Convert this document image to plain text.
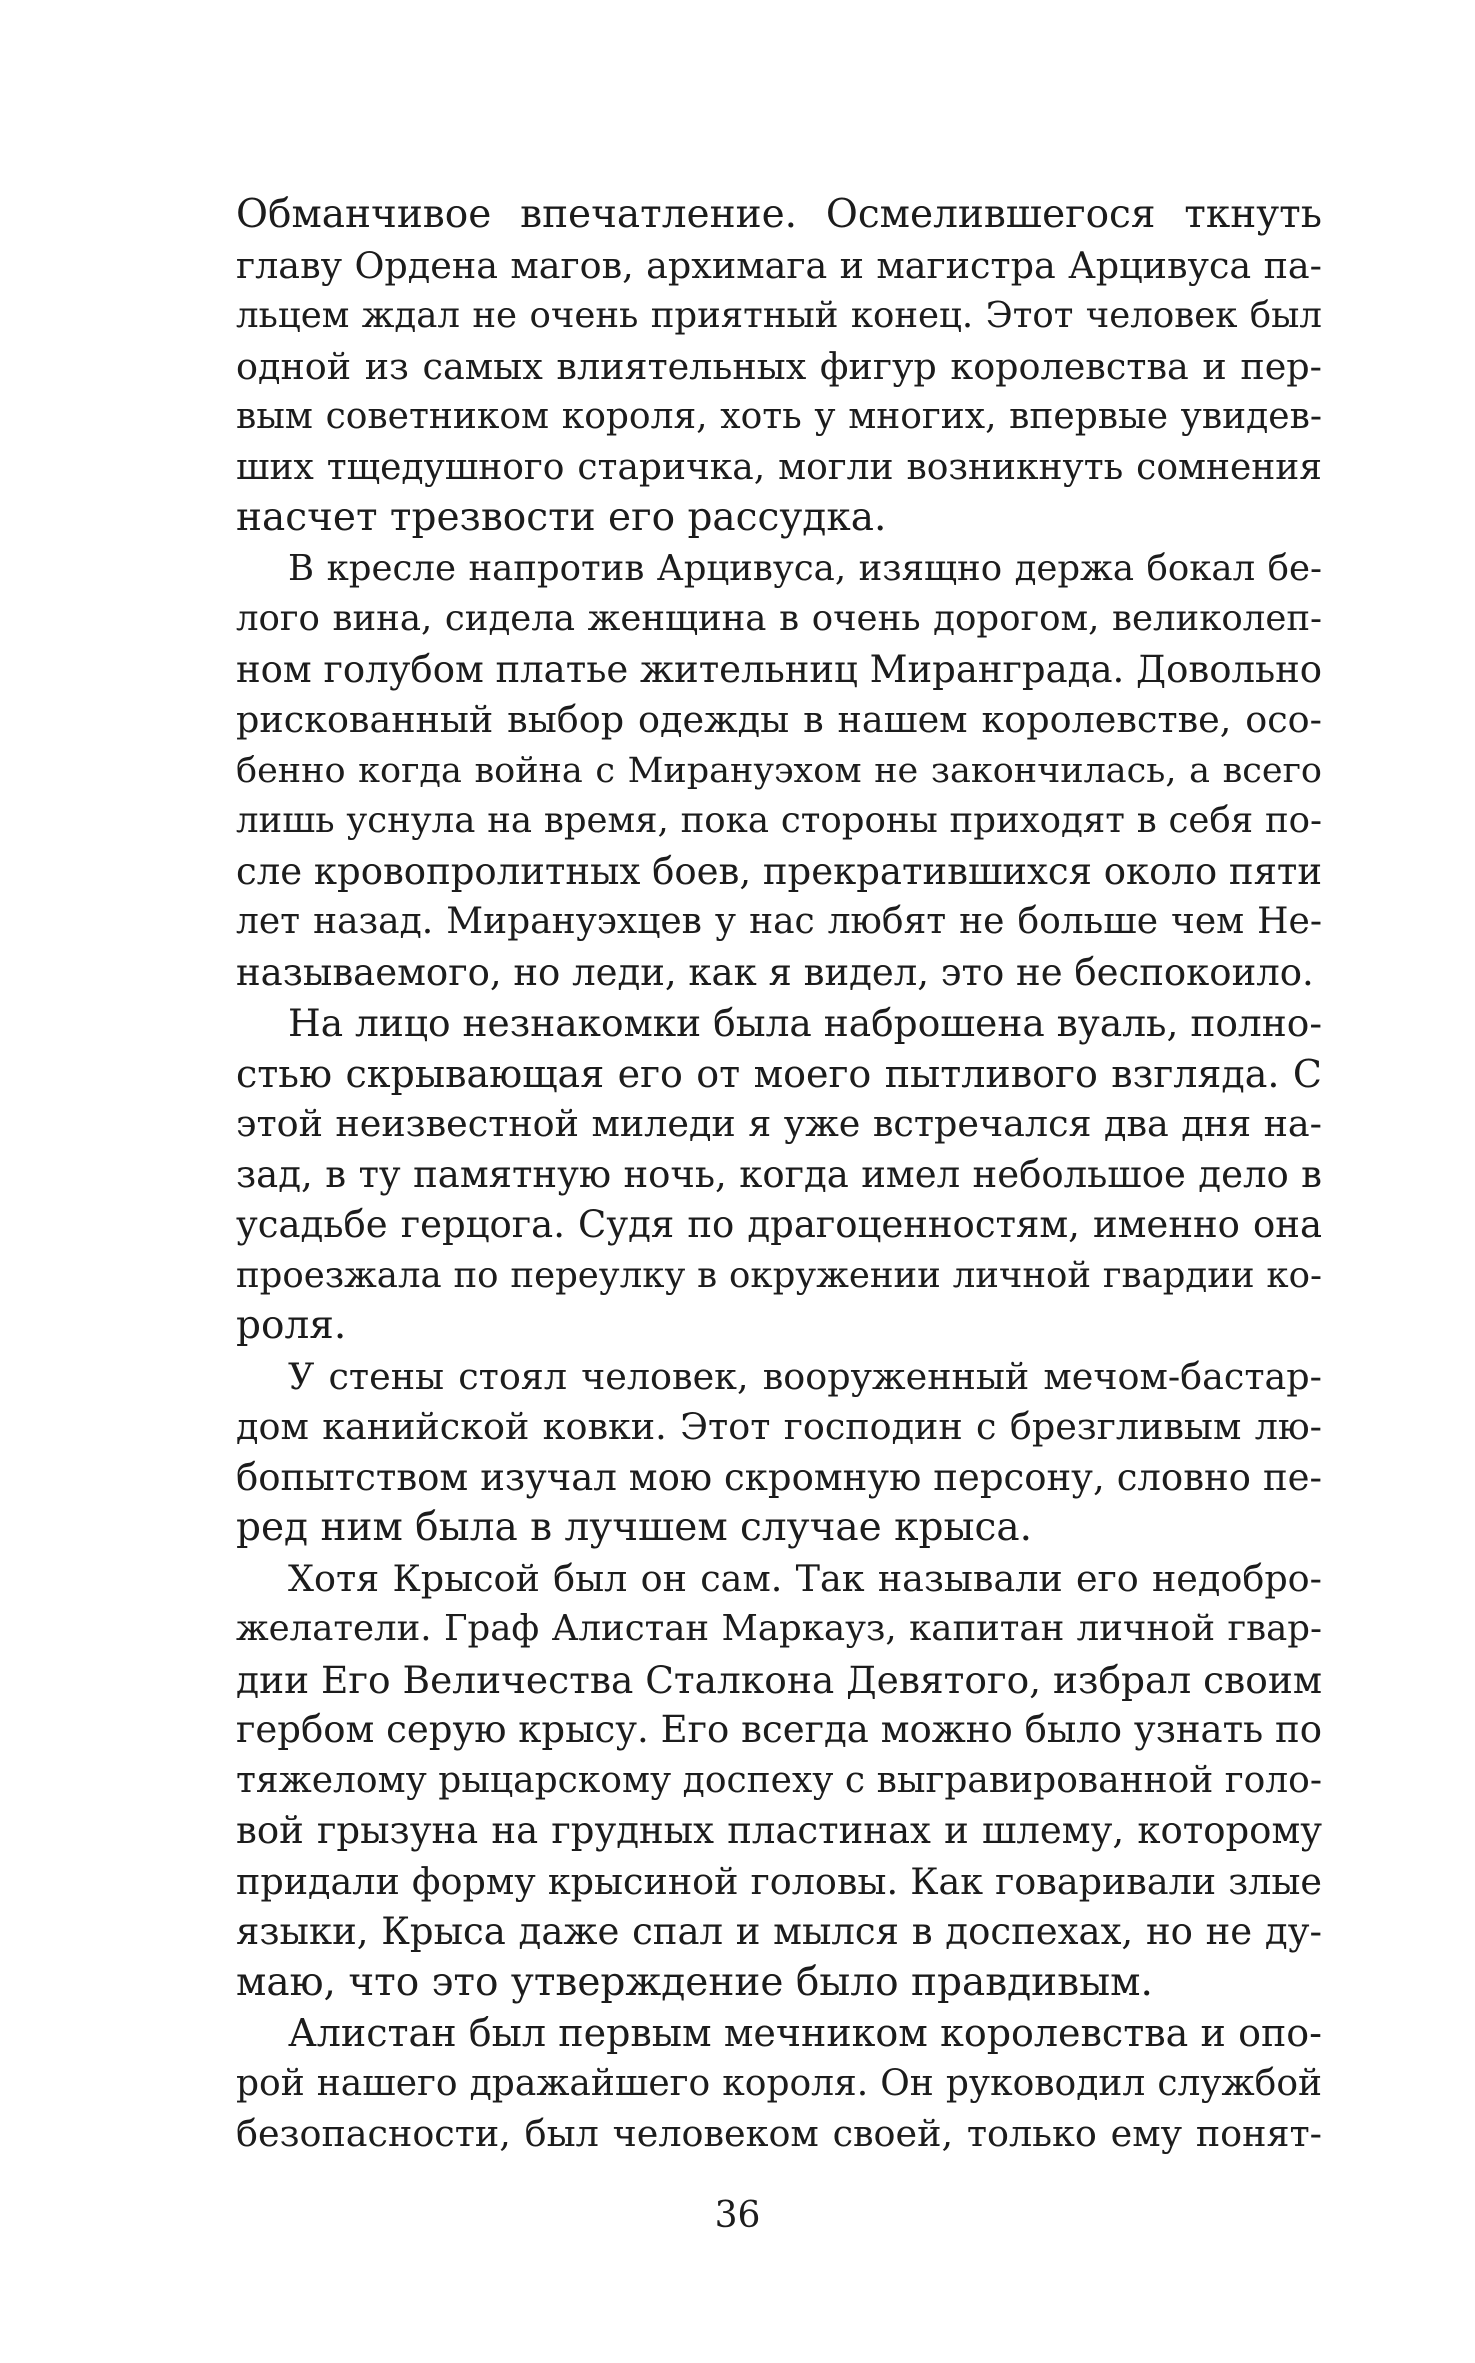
Обманчивое впечатление. Осмелившегося ткнуть
главу Ордена магов, архимага и магистра Арцивуса па-
льцем ждал не очень приятный конец. Этот человек был
одной из самых влиятельных фигур королевства и пер-
вым советником короля, хоть у многих, впервые увидев-
ших тщедушного старичка, могли возникнуть сомнения
насчет трезвости его рассудка.
В кресле напротив Арцивуса, изящно держа бокал бе-
лого вина, сидела женщина в очень дорогом, великолеп-
ном голубом платье жительниц Миранграда. Довольно
рискованный выбор одежды в нашем королевстве, осо-
бенно когда война с Мирануэхом не закончилась, а всего
лишь уснула на время, пока стороны приходят в себя по-
сле кровопролитных боев, прекратившихся около пяти
лет назад. Мирануэхцев у нас любят не больше чем Не-
называемого, но леди, как я видел, это не беспокоило.
На лицо незнакомки была наброшена вуаль, полно-
стью скрывающая его от моего пытливого взгляда. С
этой неизвестной миледи я уже встречался два дня на-
зад, в ту памятную ночь, когда имел небольшое дело в
усадьбе герцога. Судя по драгоценностям, именно она
проезжала по переулку в окружении личной гвардии ко-
роля.
У стены стоял человек, вооруженный мечом-бастар-
дом канийской ковки. Этот господин с брезгливым лю-
бопытством изучал мою скромную персону, словно пе-
ред ним была в лучшем случае крыса.
Хотя Крысой был он сам. Так называли его недобро-
желатели. Граф Алистан Маркауз, капитан личной гвар-
дии Его Величества Сталкона Девятого, избрал своим
гербом серую крысу. Его всегда можно было узнать по
тяжелому рыцарскому доспеху с выгравированной голо-
вой грызуна на грудных пластинах и шлему, которому
придали форму крысиной головы. Как говаривали злые
языки, Крыса даже спал и мылся в доспехах, но не ду-
маю, что это утверждение было правдивым.
Алистан был первым мечником королевства и опо-
рой нашего дражайшего короля. Он руководил службой
безопасности, был человеком своей, только ему понят-
36
